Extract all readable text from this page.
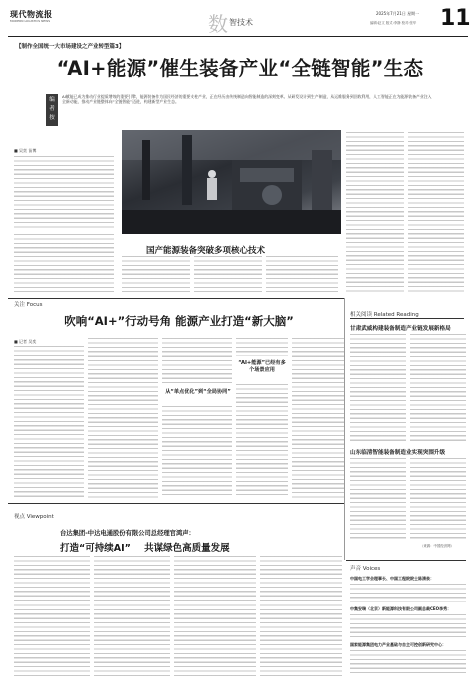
现代物流报
MODERN LOGISTICS NEWS	数 智技术
2025年7月21日 星期一
编辑:赵文 版式:李静 校对:张华 11
【制作全国统一大市场建设之产业转型篇3】
“AI+能源”催生装备产业“全链智能”生态
编者按
AI赋能已成为推动行业提质增效的重要引擎，能源装备作为国民经济的重要支柱产业，正在经历由传统制造向智能制造的深刻变革。从研发设计到生产制造，从运维服务到回收利用，人工智能正在为能源装备产业注入全新动能，推动产业链整体向“全链智能”迈进，构建新型产业生态。
国产能源装备突破多项核心技术
■ 吴奕 苗博
关注 Focus
吹响“AI+”行动号角 能源产业打造“新大脑”
■ 记者 吴奕
从“单点优化”到“全局协同”
“AI+能源”已经有多个场景应用
相关阅读 Related Reading
甘肃武威构建装备制造产业链发展新格局
山东临清智能装备制造业实现突围升级
（来源：中国经济网）
视点 Viewpoint
台达集团-中达电通股份有限公司总经理官鸿声：
打造“可持续AI”    共谋绿色高质量发展
声音 Voices
中国电工学会理事长、中国工程院院士陈清泉：
中集安瑞（北京）新能源科技有限公司副总裁CEO李秀：
国家能源集团电力产业基础与自主可控创新研究中心：
